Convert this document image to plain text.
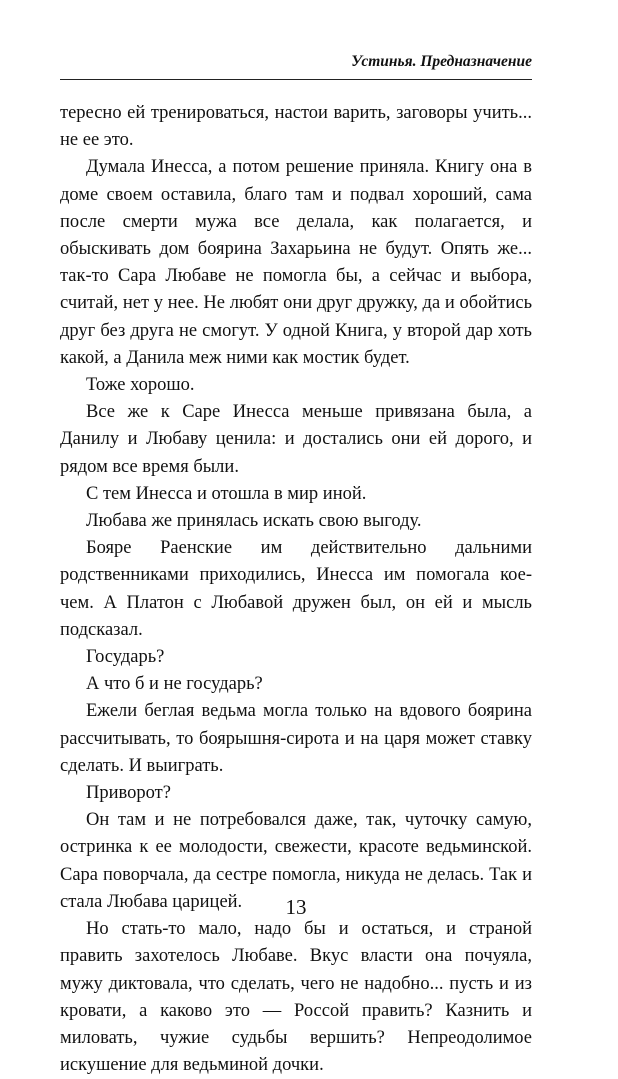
Устинья. Предназначение

тересно ей тренироваться, настои варить, заговоры учить... не ее это.

Думала Инесса, а потом решение приняла. Книгу она в доме своем оставила, благо там и подвал хороший, сама после смерти мужа все делала, как полагается, и обыскивать дом боярина Захарьина не будут. Опять же... так-то Сара Любаве не помогла бы, а сейчас и выбора, считай, нет у нее. Не любят они друг дружку, да и обойтись друг без друга не смогут. У одной Книга, у второй дар хоть какой, а Данила меж ними как мостик будет.

Тоже хорошо.

Все же к Саре Инесса меньше привязана была, а Данилу и Любаву ценила: и достались они ей дорого, и рядом все время были.

С тем Инесса и отошла в мир иной.

Любава же принялась искать свою выгоду.

Бояре Раенские им действительно дальними родственниками приходились, Инесса им помогала кое-чем. А Платон с Любавой дружен был, он ей и мысль подсказал.

Государь?

А что б и не государь?

Ежели беглая ведьма могла только на вдового боярина рассчитывать, то боярышня-сирота и на царя может ставку сделать. И выиграть.

Приворот?

Он там и не потребовался даже, так, чуточку самую, остринка к ее молодости, свежести, красоте ведьминской. Сара поворчала, да сестре помогла, никуда не делась. Так и стала Любава царицей.

Но стать-то мало, надо бы и остаться, и страной править захотелось Любаве. Вкус власти она почуяла, мужу диктовала, что сделать, чего не надобно... пусть и из кровати, а каково это — Россой править? Казнить и миловать, чужие судьбы вершить? Непреодолимое искушение для ведьминой дочки.

13
